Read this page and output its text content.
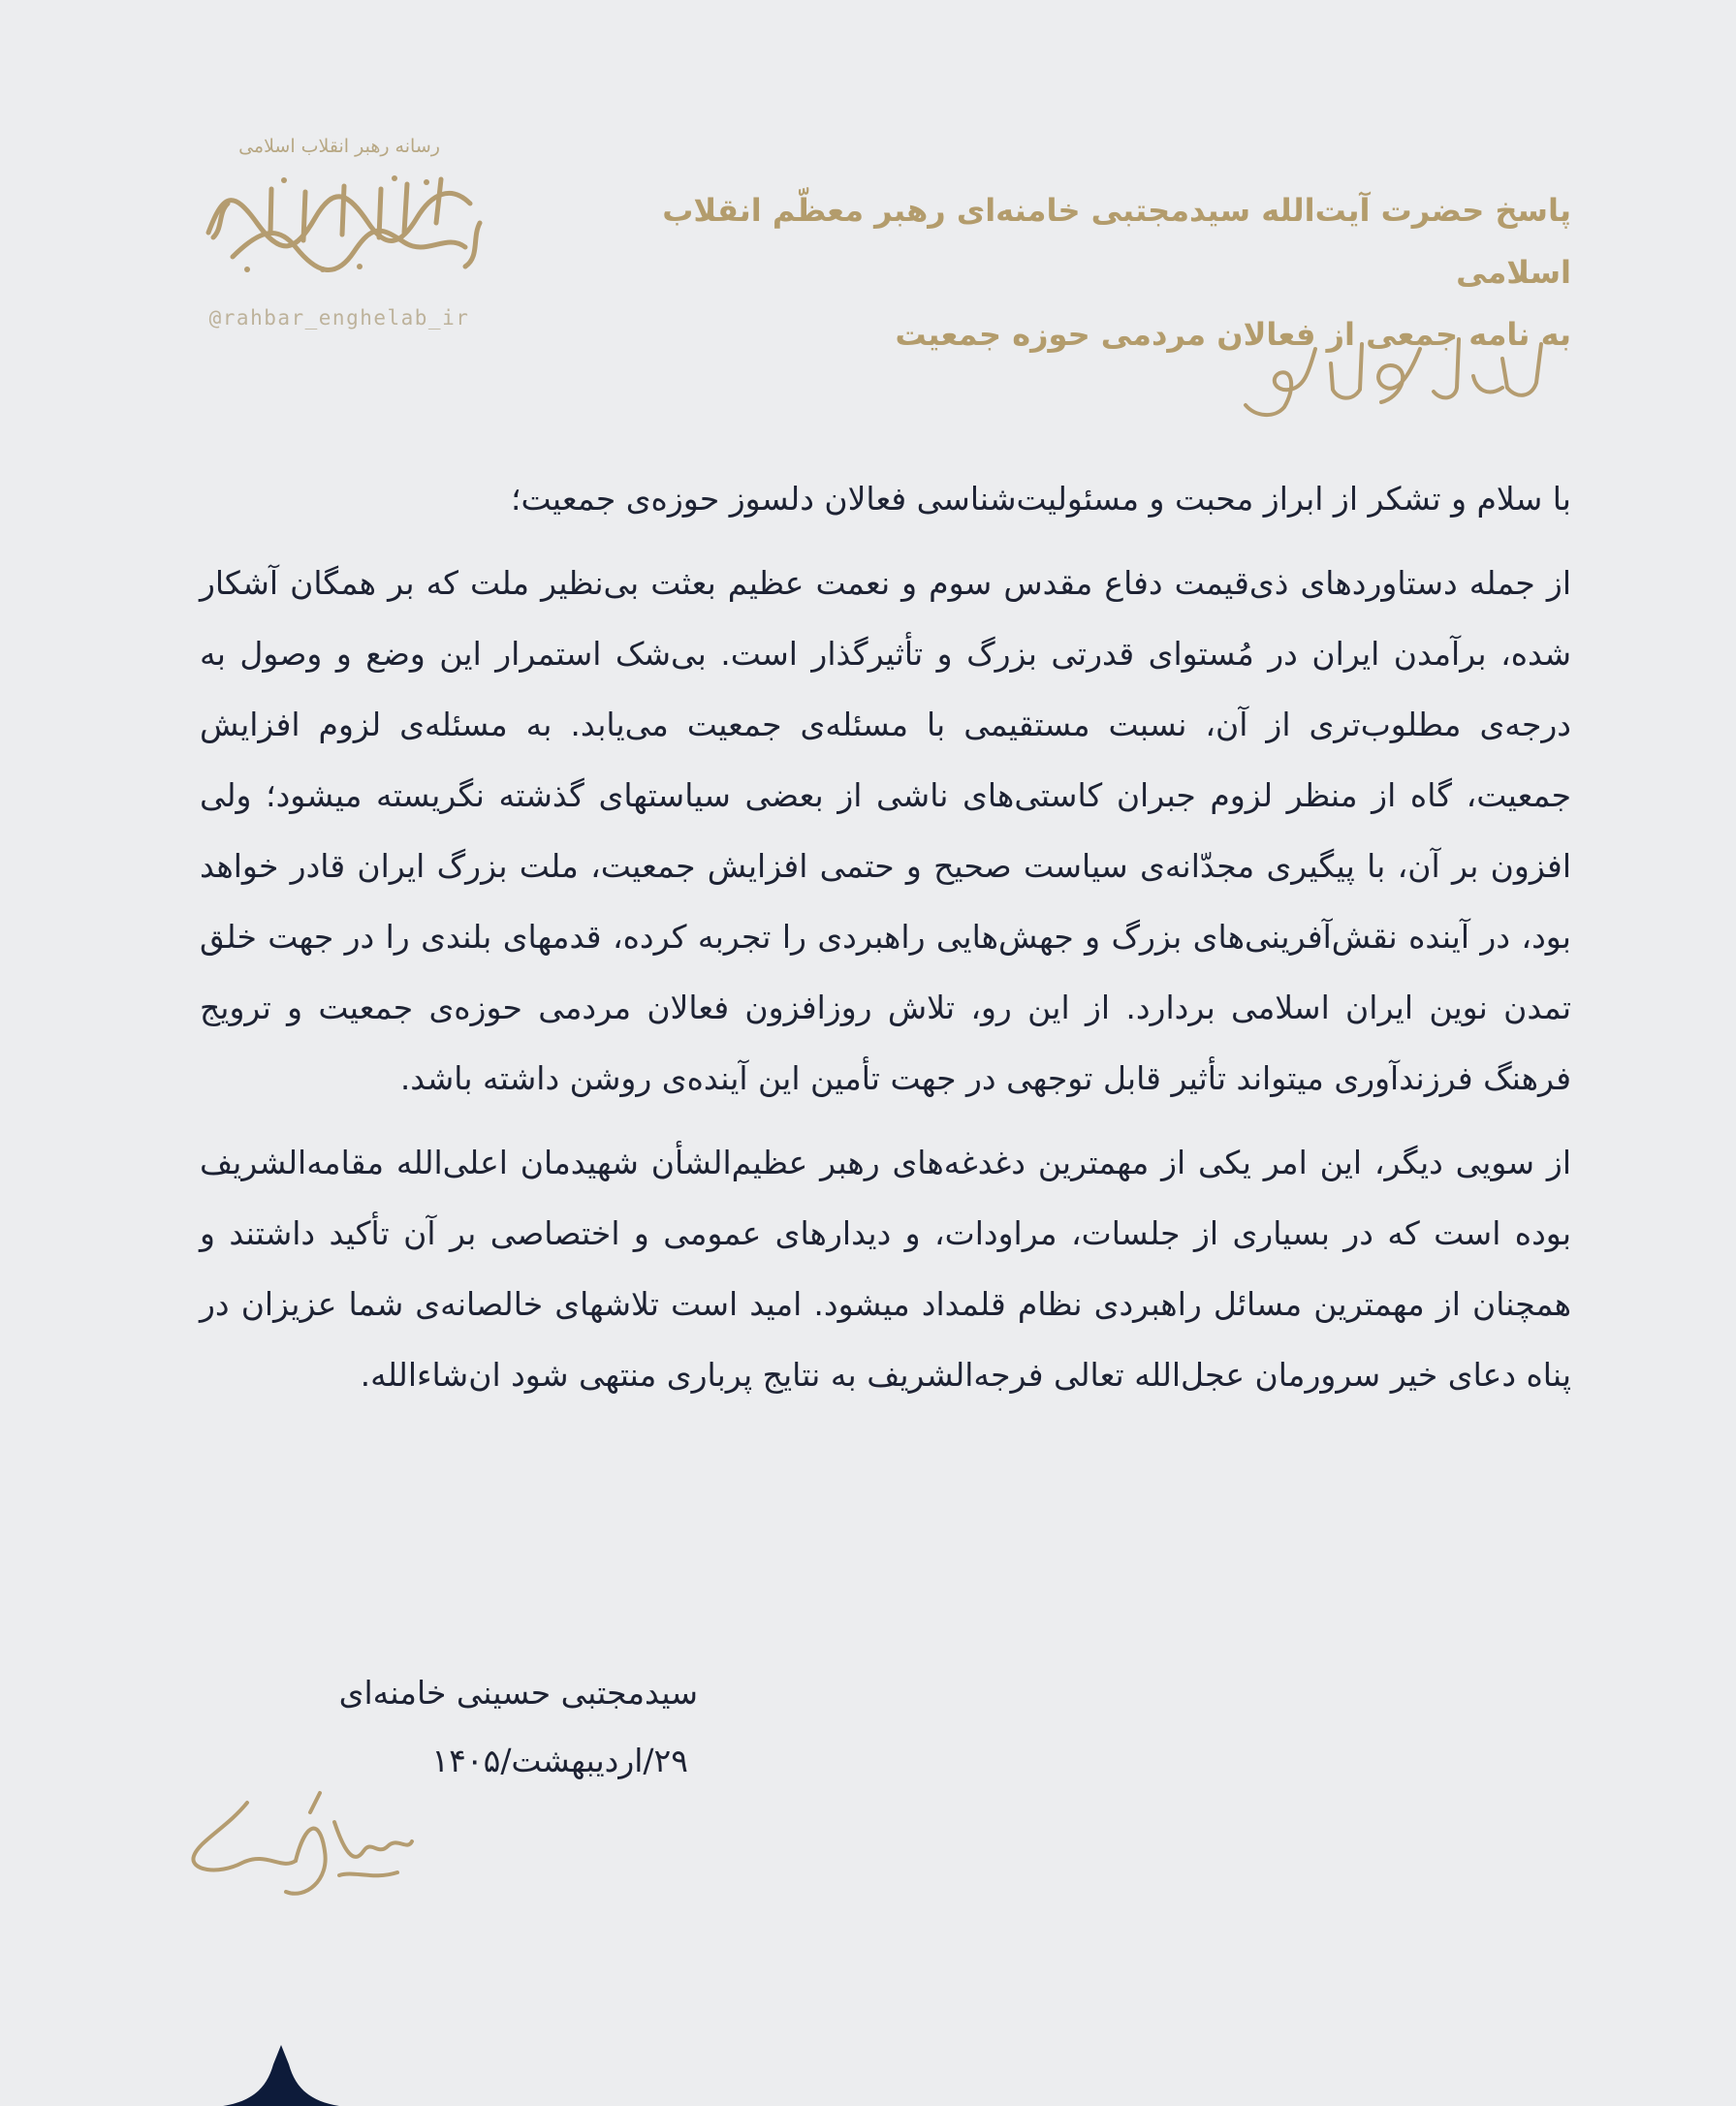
رسانه رهبر انقلاب اسلامی
@rahbar_enghelab_ir
پاسخ حضرت آیت‌الله سیدمجتبی خامنه‌ای رهبر معظّم انقلاب اسلامی
به نامه جمعی از فعالان مردمی حوزه جمعیت

با سلام و تشکر از ابراز محبت و مسئولیت‌شناسی فعالان دلسوز حوزه‌ی جمعیت؛

از جمله دستاوردهای ذی‌قیمت دفاع مقدس سوم و نعمت عظیم بعثت بی‌نظیر ملت که بر همگان آشکار شده، برآمدن ایران در مُستوای قدرتی بزرگ و تأثیرگذار است. بی‌شک استمرار این وضع و وصول به درجه‌ی مطلوب‌تری از آن، نسبت مستقیمی با مسئله‌ی جمعیت می‌یابد. به مسئله‌ی لزوم افزایش جمعیت، گاه از منظر لزوم جبران کاستی‌های ناشی از بعضی سیاستهای گذشته نگریسته میشود؛ ولی افزون بر آن، با پیگیری مجدّانه‌ی سیاست صحیح و حتمی افزایش جمعیت، ملت بزرگ ایران قادر خواهد بود، در آینده نقش‌آفرینی‌های بزرگ و جهش‌هایی راهبردی را تجربه کرده، قدمهای بلندی را در جهت خلق تمدن نوین ایران اسلامی بردارد. از این رو، تلاش روزافزون فعالان مردمی حوزه‌ی جمعیت و ترویج فرهنگ فرزندآوری میتواند تأثیر قابل توجهی در جهت تأمین این آینده‌ی روشن داشته باشد.

از سویی دیگر، این امر یکی از مهمترین دغدغه‌های رهبر عظیم‌الشأن شهیدمان اعلی‌الله مقامه‌الشریف بوده است که در بسیاری از جلسات، مراودات، و دیدارهای عمومی و اختصاصی بر آن تأکید داشتند و همچنان از مهمترین مسائل راهبردی نظام قلمداد میشود. امید است تلاشهای خالصانه‌ی شما عزیزان در پناه دعای خیر سرورمان عجل‌الله تعالی فرجه‌الشریف به نتایج پرباری منتهی شود ان‌شاءالله.

سیدمجتبی حسینی خامنه‌ای
۲۹/اردیبهشت/۱۴۰۵
